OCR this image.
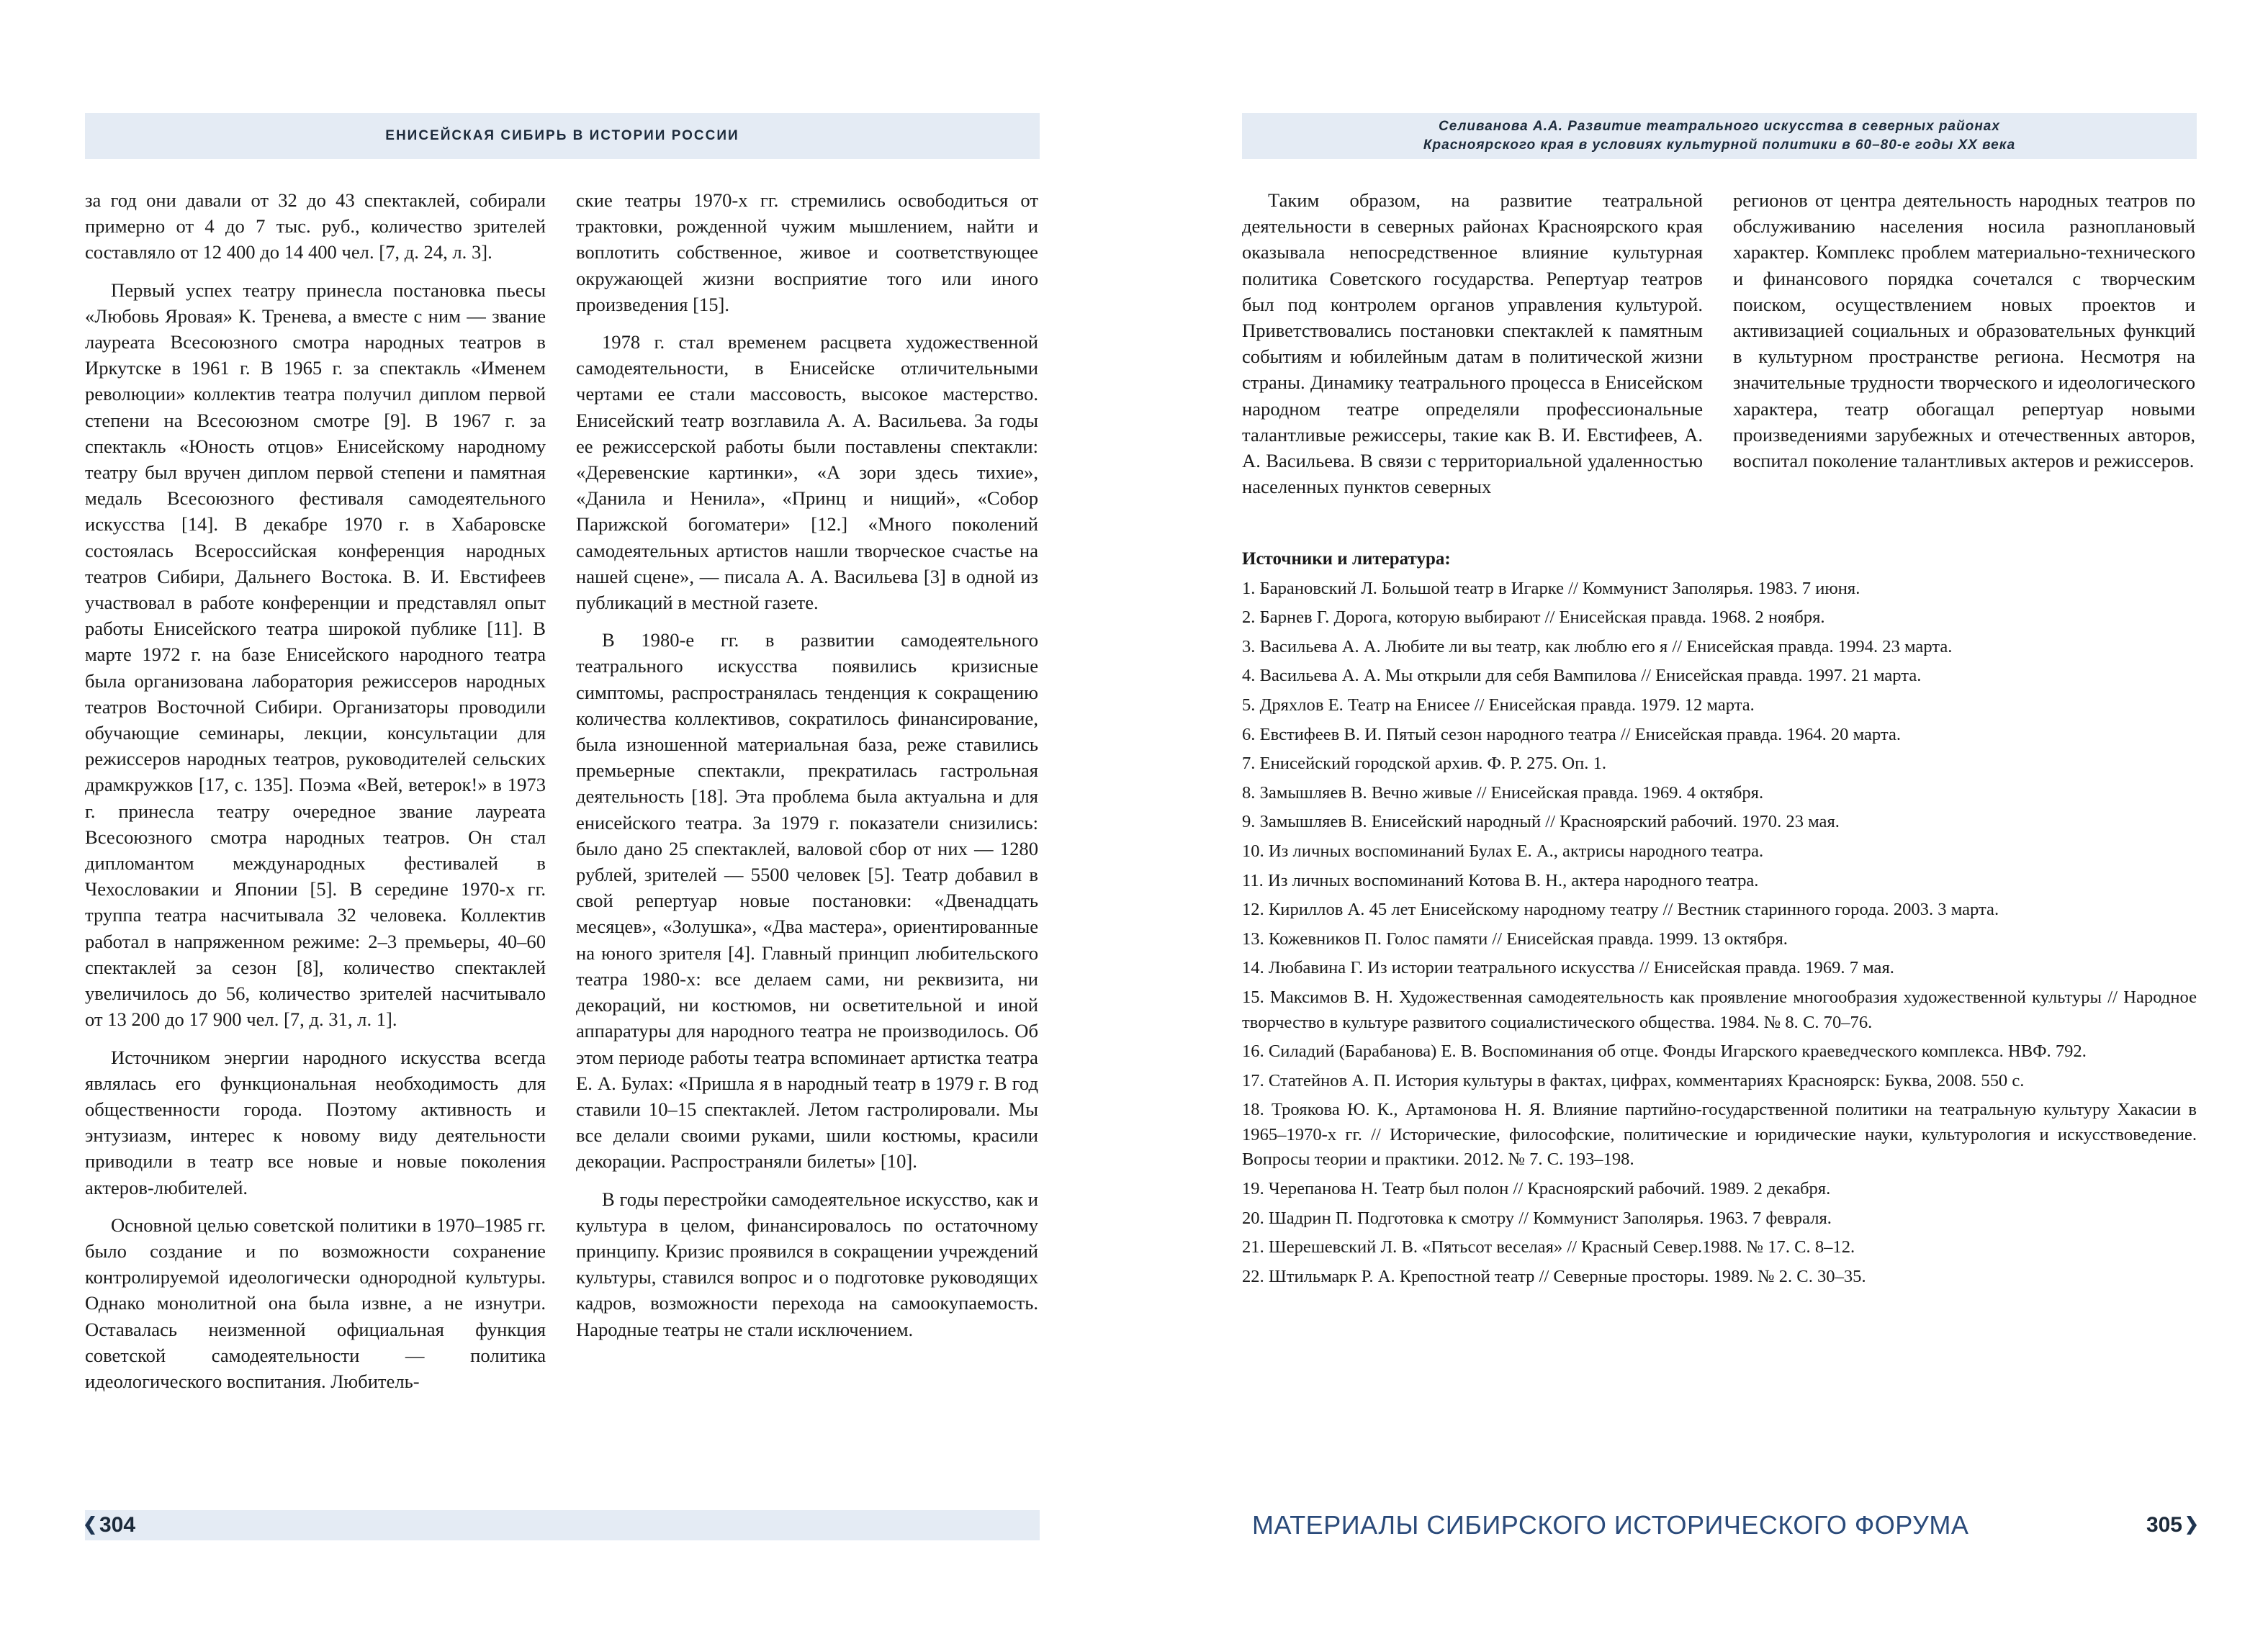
ЕНИСЕЙСКАЯ СИБИРЬ В ИСТОРИИ РОССИИ

за год они давали от 32 до 43 спектаклей, собирали примерно от 4 до 7 тыс. руб., количество зрителей составляло от 12 400 до 14 400 чел. [7, д. 24, л. 3].

Первый успех театру принесла постановка пьесы «Любовь Яровая» К. Тренева, а вместе с ним — звание лауреата Всесоюзного смотра народных театров в Иркутске в 1961 г. В 1965 г. за спектакль «Именем революции» коллектив театра получил диплом первой степени на Всесоюзном смотре [9]. В 1967 г. за спектакль «Юность отцов» Енисейскому народному театру был вручен диплом первой степени и памятная медаль Всесоюзного фестиваля самодеятельного искусства [14]. В декабре 1970 г. в Хабаровске состоялась Всероссийская конференция народных театров Сибири, Дальнего Востока. В. И. Евстифеев участвовал в работе конференции и представлял опыт работы Енисейского театра широкой публике [11]. В марте 1972 г. на базе Енисейского народного театра была организована лаборатория режиссеров народных театров Восточной Сибири. Организаторы проводили обучающие семинары, лекции, консультации для режиссеров народных театров, руководителей сельских драмкружков [17, с. 135]. Поэма «Вей, ветерок!» в 1973 г. принесла театру очередное звание лауреата Всесоюзного смотра народных театров. Он стал дипломантом международных фестивалей в Чехословакии и Японии [5]. В середине 1970-х гг. труппа театра насчитывала 32 человека. Коллектив работал в напряженном режиме: 2–3 премьеры, 40–60 спектаклей за сезон [8], количество спектаклей увеличилось до 56, количество зрителей насчитывало от 13 200 до 17 900 чел. [7, д. 31, л. 1].

Источником энергии народного искусства всегда являлась его функциональная необходимость для общественности города. Поэтому активность и энтузиазм, интерес к новому виду деятельности приводили в театр все новые и новые поколения актеров-любителей.

Основной целью советской политики в 1970–1985 гг. было создание и по возможности сохранение контролируемой идеологически однородной культуры. Однако монолитной она была извне, а не изнутри. Оставалась неизменной официальная функция советской самодеятельности — политика идеологического воспитания. Любитель-

ские театры 1970-х гг. стремились освободиться от трактовки, рожденной чужим мышлением, найти и воплотить собственное, живое и соответствующее окружающей жизни восприятие того или иного произведения [15].

1978 г. стал временем расцвета художественной самодеятельности, в Енисейске отличительными чертами ее стали массовость, высокое мастерство. Енисейский театр возглавила А. А. Васильева. За годы ее режиссерской работы были поставлены спектакли: «Деревенские картинки», «А зори здесь тихие», «Данила и Ненила», «Принц и нищий», «Собор Парижской богоматери» [12.] «Много поколений самодеятельных артистов нашли творческое счастье на нашей сцене», — писала А. А. Васильева [3] в одной из публикаций в местной газете.

В 1980-е гг. в развитии самодеятельного театрального искусства появились кризисные симптомы, распространялась тенденция к сокращению количества коллективов, сократилось финансирование, была изношенной материальная база, реже ставились премьерные спектакли, прекратилась гастрольная деятельность [18]. Эта проблема была актуальна и для енисейского театра. За 1979 г. показатели снизились: было дано 25 спектаклей, валовой сбор от них — 1280 рублей, зрителей — 5500 человек [5]. Театр добавил в свой репертуар новые постановки: «Двенадцать месяцев», «Золушка», «Два мастера», ориентированные на юного зрителя [4]. Главный принцип любительского театра 1980-х: все делаем сами, ни реквизита, ни декораций, ни костюмов, ни осветительной и иной аппаратуры для народного театра не производилось. Об этом периоде работы театра вспоминает артистка театра Е. А. Булах: «Пришла я в народный театр в 1979 г. В год ставили 10–15 спектаклей. Летом гастролировали. Мы все делали своими руками, шили костюмы, красили декорации. Распространяли билеты» [10].

В годы перестройки самодеятельное искусство, как и культура в целом, финансировалось по остаточному принципу. Кризис проявился в сокращении учреждений культуры, ставился вопрос и о подготовке руководящих кадров, возможности перехода на самоокупаемость. Народные театры не стали исключением.

304
Селиванова А.А. Развитие театрального искусства в северных районах
Красноярского края в условиях культурной политики в 60–80-е годы XX века

Таким образом, на развитие театральной деятельности в северных районах Красноярского края оказывала непосредственное влияние культурная политика Советского государства. Репертуар театров был под контролем органов управления культурой. Приветствовались постановки спектаклей к памятным событиям и юбилейным датам в политической жизни страны. Динамику театрального процесса в Енисейском народном театре определяли профессиональные талантливые режиссеры, такие как В. И. Евстифеев, А. А. Васильева. В связи с территориальной удаленностью населенных пунктов северных

регионов от центра деятельность народных театров по обслуживанию населения носила разноплановый характер. Комплекс проблем материально-технического и финансового порядка сочетался с творческим поиском, осуществлением новых проектов и активизацией социальных и образовательных функций в культурном пространстве региона. Несмотря на значительные трудности творческого и идеологического характера, театр обогащал репертуар новыми произведениями зарубежных и отечественных авторов, воспитал поколение талантливых актеров и режиссеров.

Источники и литература:
1. Барановский Л. Большой театр в Игарке // Коммунист Заполярья. 1983. 7 июня.
2. Барнев Г. Дорога, которую выбирают // Енисейская правда. 1968. 2 ноября.
3. Васильева А. А. Любите ли вы театр, как люблю его я // Енисейская правда. 1994. 23 марта.
4. Васильева А. А. Мы открыли для себя Вампилова // Енисейская правда. 1997. 21 марта.
5. Дряхлов Е. Театр на Енисее // Енисейская правда. 1979. 12 марта.
6. Евстифеев В. И. Пятый сезон народного театра // Енисейская правда. 1964. 20 марта.
7. Енисейский городской архив. Ф. Р. 275. Оп. 1.
8. Замышляев В. Вечно живые // Енисейская правда. 1969. 4 октября.
9. Замышляев В. Енисейский народный // Красноярский рабочий. 1970. 23 мая.
10. Из личных воспоминаний Булах Е. А., актрисы народного театра.
11. Из личных воспоминаний Котова В. Н., актера народного театра.
12. Кириллов А. 45 лет Енисейскому народному театру // Вестник старинного города. 2003. 3 марта.
13. Кожевников П. Голос памяти // Енисейская правда. 1999. 13 октября.
14. Любавина Г. Из истории театрального искусства // Енисейская правда. 1969. 7 мая.
15. Максимов В. Н. Художественная самодеятельность как проявление многообразия художественной культуры // Народное творчество в культуре развитого социалистического общества. 1984. № 8. С. 70–76.
16. Силадий (Барабанова) Е. В. Воспоминания об отце. Фонды Игарского краеведческого комплекса. НВФ. 792.
17. Статейнов А. П. История культуры в фактах, цифрах, комментариях Красноярск: Буква, 2008. 550 с.
18. Троякова Ю. К., Артамонова Н. Я. Влияние партийно-государственной политики на театральную культуру Хакасии в 1965–1970-х гг. // Исторические, философские, политические и юридические науки, культурология и искусствоведение. Вопросы теории и практики. 2012. № 7. С. 193–198.
19. Черепанова Н. Театр был полон // Красноярский рабочий. 1989. 2 декабря.
20. Шадрин П. Подготовка к смотру // Коммунист Заполярья. 1963. 7 февраля.
21. Шерешевский Л. В. «Пятьсот веселая» // Красный Север.1988. № 17. С. 8–12.
22. Штильмарк Р. А. Крепостной театр // Северные просторы. 1989. № 2. С. 30–35.
МАТЕРИАЛЫ СИБИРСКОГО ИСТОРИЧЕСКОГО ФОРУМА	305
